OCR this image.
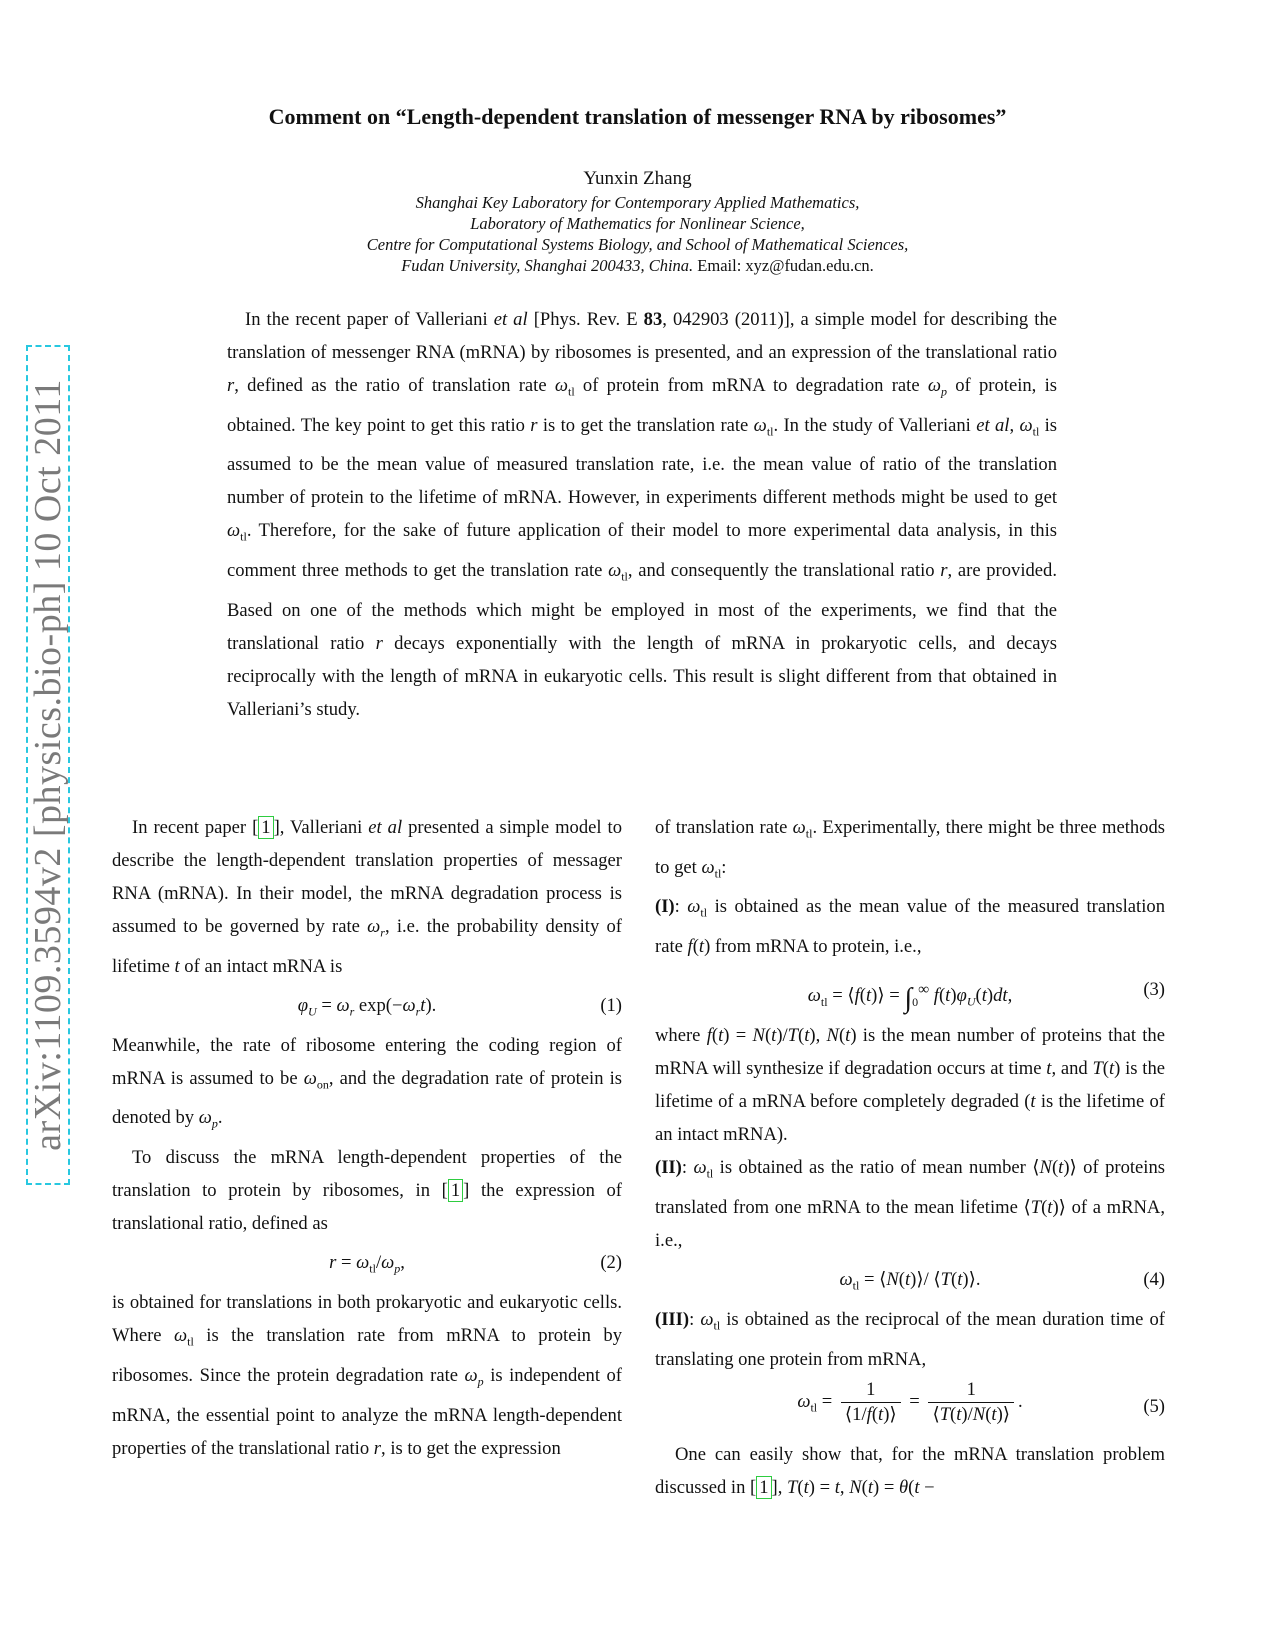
arXiv:1109.3594v2 [physics.bio-ph] 10 Oct 2011
Comment on “Length-dependent translation of messenger RNA by ribosomes”
Yunxin Zhang
Shanghai Key Laboratory for Contemporary Applied Mathematics,
Laboratory of Mathematics for Nonlinear Science,
Centre for Computational Systems Biology, and School of Mathematical Sciences,
Fudan University, Shanghai 200433, China. Email: xyz@fudan.edu.cn.

In the recent paper of Valleriani et al [Phys. Rev. E 83, 042903 (2011)], a simple model for describing the translation of messenger RNA (mRNA) by ribosomes is presented, and an expression of the translational ratio r, defined as the ratio of translation rate $\omega_{tl}$ of protein from mRNA to degradation rate $\omega_p$ of protein, is obtained. The key point to get this ratio r is to get the translation rate $\omega_{tl}$. In the study of Valleriani et al, $\omega_{tl}$ is assumed to be the mean value of measured translation rate, i.e. the mean value of ratio of the translation number of protein to the lifetime of mRNA. However, in experiments different methods might be used to get $\omega_{tl}$. Therefore, for the sake of future application of their model to more experimental data analysis, in this comment three methods to get the translation rate $\omega_{tl}$, and consequently the translational ratio r, are provided. Based on one of the methods which might be employed in most of the experiments, we find that the translational ratio r decays exponentially with the length of mRNA in prokaryotic cells, and decays reciprocally with the length of mRNA in eukaryotic cells. This result is slight different from that obtained in Valleriani’s study.

In recent paper [ 1 ], Valleriani et al presented a simple model to describe the length-dependent translation properties of messager RNA (mRNA). In their model, the mRNA degradation process is assumed to be governed by rate $\omega_r$, i.e. the probability density of lifetime t of an intact mRNA is

$\varphi_U = \omega_r$ $\exp(-\omega_rt)$.	(1)

Meanwhile, the rate of ribosome entering the coding region of mRNA is assumed to be $\omega_{on}$, and the degradation rate of protein is denoted by $\omega_p$.

To discuss the mRNA length-dependent properties of the translation to protein by ribosomes, in [ 1 ] the expression of translational ratio, defined as

$r = \omega_{tl}/\omega_p$,	(2)

is obtained for translations in both prokaryotic and eukaryotic cells. Where $\omega_{tl}$ is the translation rate from mRNA to protein by ribosomes. Since the protein degradation rate $\omega_p$ is independent of mRNA, the essential point to analyze the mRNA length-dependent properties of the translational ratio r, is to get the expression

of translation rate $\omega_{tl}$. Experimentally, there might be three methods to get $\omega_{tl}$:

(I): $\omega_{tl}$ is obtained as the mean value of the measured translation rate f(t) from mRNA to protein, i.e.,

$\omega_{tl}$ = ⟨f(t)⟩ = $\int_0^\infty$ $f(t)\varphi_U(t)dt$,	(3)

where f(t) = N(t)/T(t), N(t) is the mean number of proteins that the mRNA will synthesize if degradation occurs at time t, and T(t) is the lifetime of a mRNA before completely degraded (t is the lifetime of an intact mRNA).

(II): $\omega_{tl}$ is obtained as the ratio of mean number ⟨N(t)⟩ of proteins translated from one mRNA to the mean lifetime ⟨T(t)⟩ of a mRNA, i.e.,

$\omega_{tl}$ = ⟨N(t)⟩/ ⟨T(t)⟩.	(4)

(III): $\omega_{tl}$ is obtained as the reciprocal of the mean duration time of translating one protein from mRNA,

$\omega_{tl} = \frac{1}{⟨1/f(t)⟩} = \frac{1}{⟨T(t)/N(t)⟩}$ .	(5)

One can easily show that, for the mRNA translation problem discussed in [ 1 ], T(t) = t, N(t) = θ(t −
